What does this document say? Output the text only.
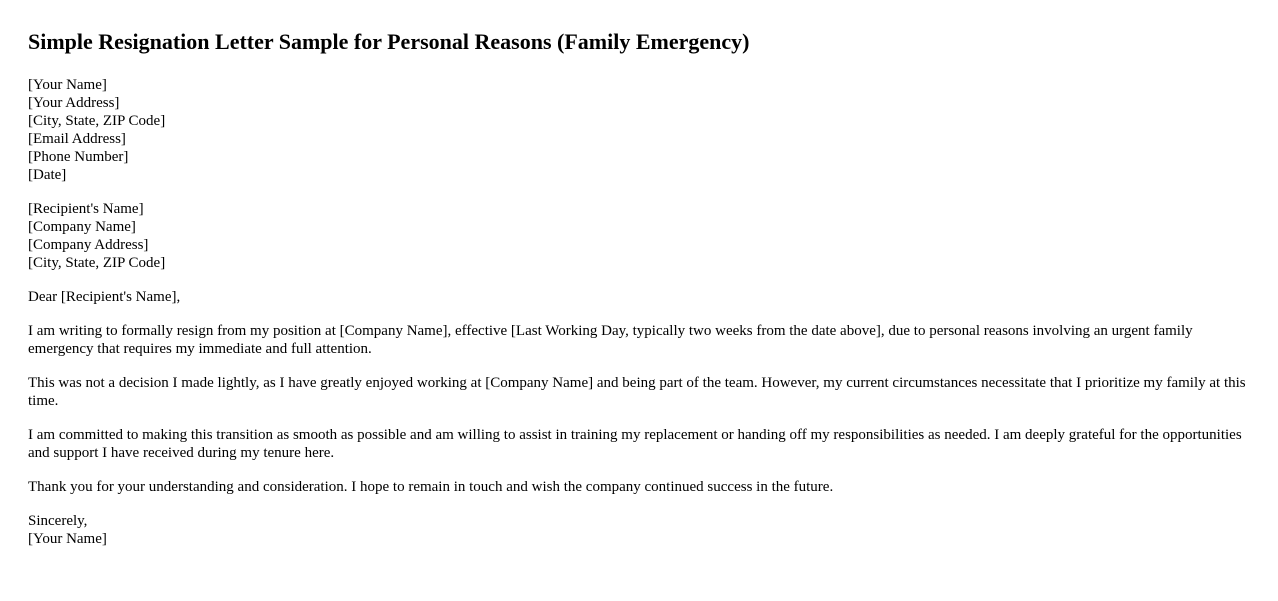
Simple Resignation Letter Sample for Personal Reasons (Family Emergency)
[Your Name]
[Your Address]
[City, State, ZIP Code]
[Email Address]
[Phone Number]
[Date]
[Recipient's Name]
[Company Name]
[Company Address]
[City, State, ZIP Code]

Dear [Recipient's Name],

I am writing to formally resign from my position at [Company Name], effective [Last Working Day, typically two weeks from the date above], due to personal reasons involving an urgent family emergency that requires my immediate and full attention.

This was not a decision I made lightly, as I have greatly enjoyed working at [Company Name] and being part of the team. However, my current circumstances necessitate that I prioritize my family at this time.

I am committed to making this transition as smooth as possible and am willing to assist in training my replacement or handing off my responsibilities as needed. I am deeply grateful for the opportunities and support I have received during my tenure here.

Thank you for your understanding and consideration. I hope to remain in touch and wish the company continued success in the future.

Sincerely,
[Your Name]
